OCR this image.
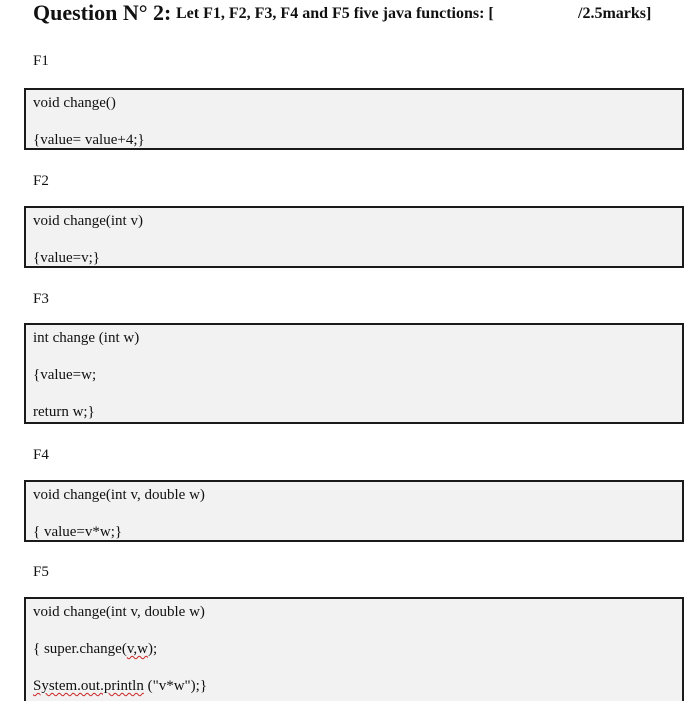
Question N° 2: Let F1, F2, F3, F4 and F5 five java functions: [	/2.5marks]
F1
void change()
{value= value+4;}
F2
void change(int v)
{value=v;}
F3
int change (int w)
{value=w;
return w;}
F4
void change(int v, double w)
{ value=v*w;}
F5
void change(int v, double w)
{ super.change(v,w);
System.out.println ("v*w");}
